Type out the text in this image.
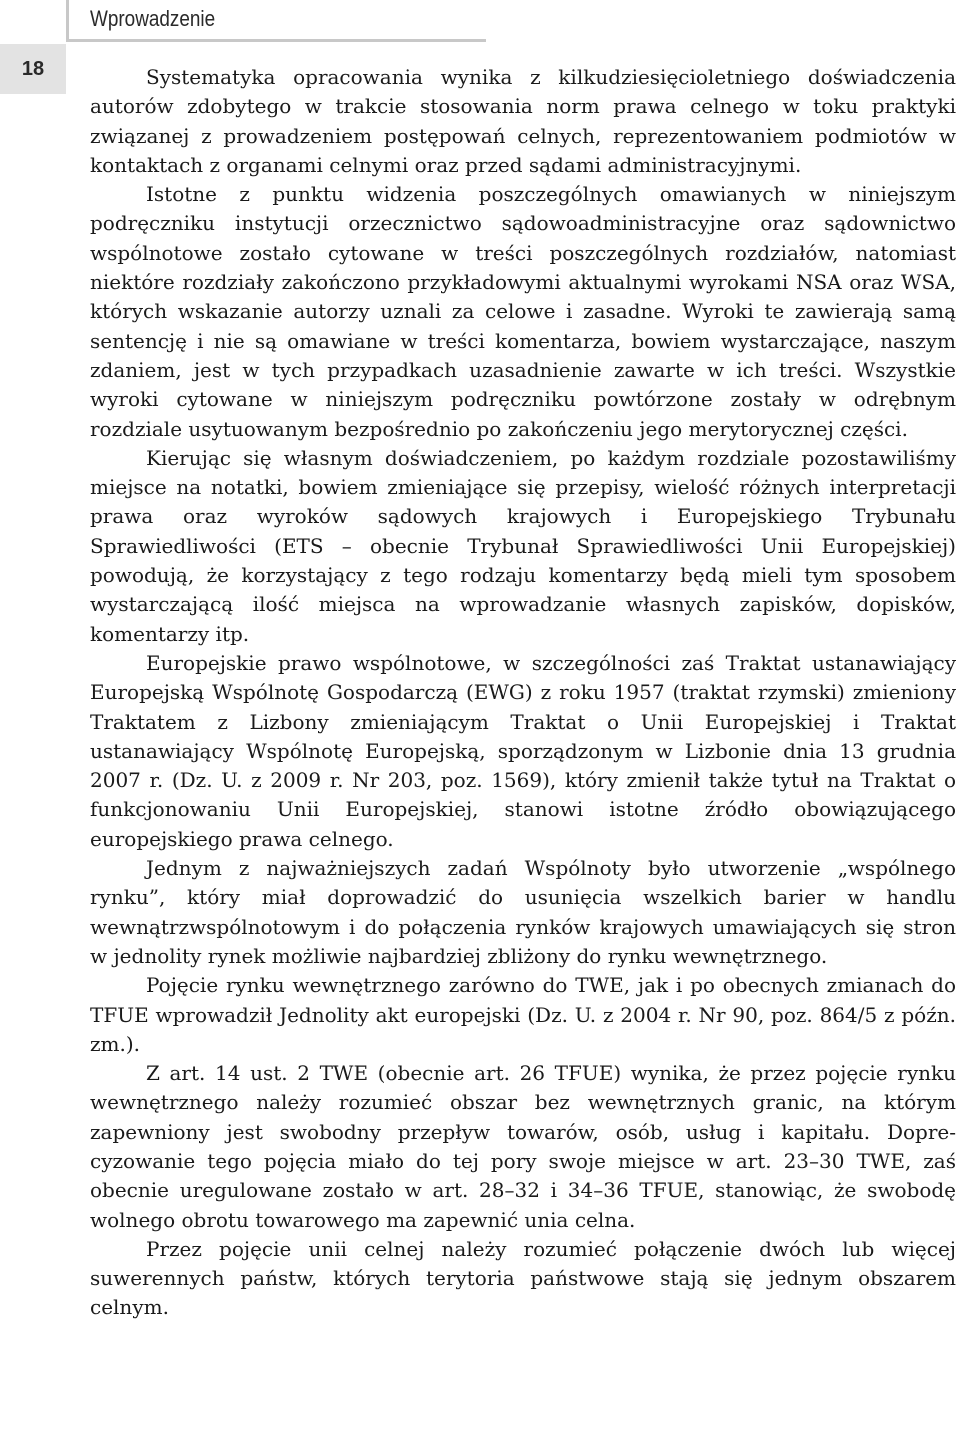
Wprowadzenie
18	Systematyka opracowania wynika z kilkudziesięcioletniego doświadczenia autorów zdobytego w trakcie stosowania norm prawa celnego w toku praktyki związanej z prowadzeniem postępowań celnych, reprezentowaniem podmiotów w kontaktach z organami celnymi oraz przed sądami administracyjnymi.

Istotne z punktu widzenia poszczególnych omawianych w niniejszym podręczniku instytucji orzecznictwo sądowoadministracyjne oraz sądownictwo wspólnotowe zostało cytowane w treści poszczególnych rozdziałów, natomiast niektóre rozdziały zakończono przykładowymi aktualnymi wyrokami NSA oraz WSA, których wskazanie autorzy uznali za celowe i zasadne. Wyroki te zawierają samą sentencję i nie są omawiane w treści komentarza, bowiem wystarczające, naszym zdaniem, jest w tych przypadkach uzasadnienie zawarte w ich treści. Wszystkie wyroki cytowane w niniejszym podręczniku powtórzone zostały w odrębnym rozdziale usytuowanym bezpośrednio po zakończeniu jego merytorycznej części.

Kierując się własnym doświadczeniem, po każdym rozdziale pozostawiliśmy miejsce na notatki, bowiem zmieniające się przepisy, wielość różnych interpretacji prawa oraz wyroków sądowych krajowych i Europejskiego Trybunału Sprawiedliwości (ETS – obecnie Trybunał Sprawiedliwości Unii Europejskiej) powodują, że korzystający z tego rodzaju komentarzy będą mieli tym sposobem wystarczającą ilość miejsca na wprowadzanie własnych zapisków, dopisków, komentarzy itp.

Europejskie prawo wspólnotowe, w szczególności zaś Traktat ustanawiający Europejską Wspólnotę Gospodarczą (EWG) z roku 1957 (traktat rzymski) zmieniony Traktatem z Lizbony zmieniającym Traktat o Unii Europejskiej i Traktat ustanawiający Wspólnotę Europejską, sporządzonym w Lizbonie dnia 13 grudnia 2007 r. (Dz. U. z 2009 r. Nr 203, poz. 1569), który zmienił także tytuł na Traktat o funkcjonowaniu Unii Europejskiej, stanowi istotne źródło obowiązującego europejskiego prawa celnego.

Jednym z najważniejszych zadań Wspólnoty było utworzenie „wspólnego rynku”, który miał doprowadzić do usunięcia wszelkich barier w handlu wewnątrzwspólnotowym i do połączenia rynków krajowych umawiających się stron w jednolity rynek możliwie najbardziej zbliżony do rynku wewnętrznego.

Pojęcie rynku wewnętrznego zarówno do TWE, jak i po obecnych zmianach do TFUE wprowadził Jednolity akt europejski (Dz. U. z 2004 r. Nr 90, poz. 864/5 z późn. zm.).

Z art. 14 ust. 2 TWE (obecnie art. 26 TFUE) wynika, że przez pojęcie rynku wewnętrznego należy rozumieć obszar bez wewnętrznych granic, na którym zapewniony jest swobodny przepływ towarów, osób, usług i kapitału. Doprecyzowanie tego pojęcia miało do tej pory swoje miejsce w art. 23–30 TWE, zaś obecnie uregulowane zostało w art. 28–32 i 34–36 TFUE, stanowiąc, że swobodę wolnego obrotu towarowego ma zapewnić unia celna.

Przez pojęcie unii celnej należy rozumieć połączenie dwóch lub więcej suwerennych państw, których terytoria państwowe stają się jednym obszarem celnym.
